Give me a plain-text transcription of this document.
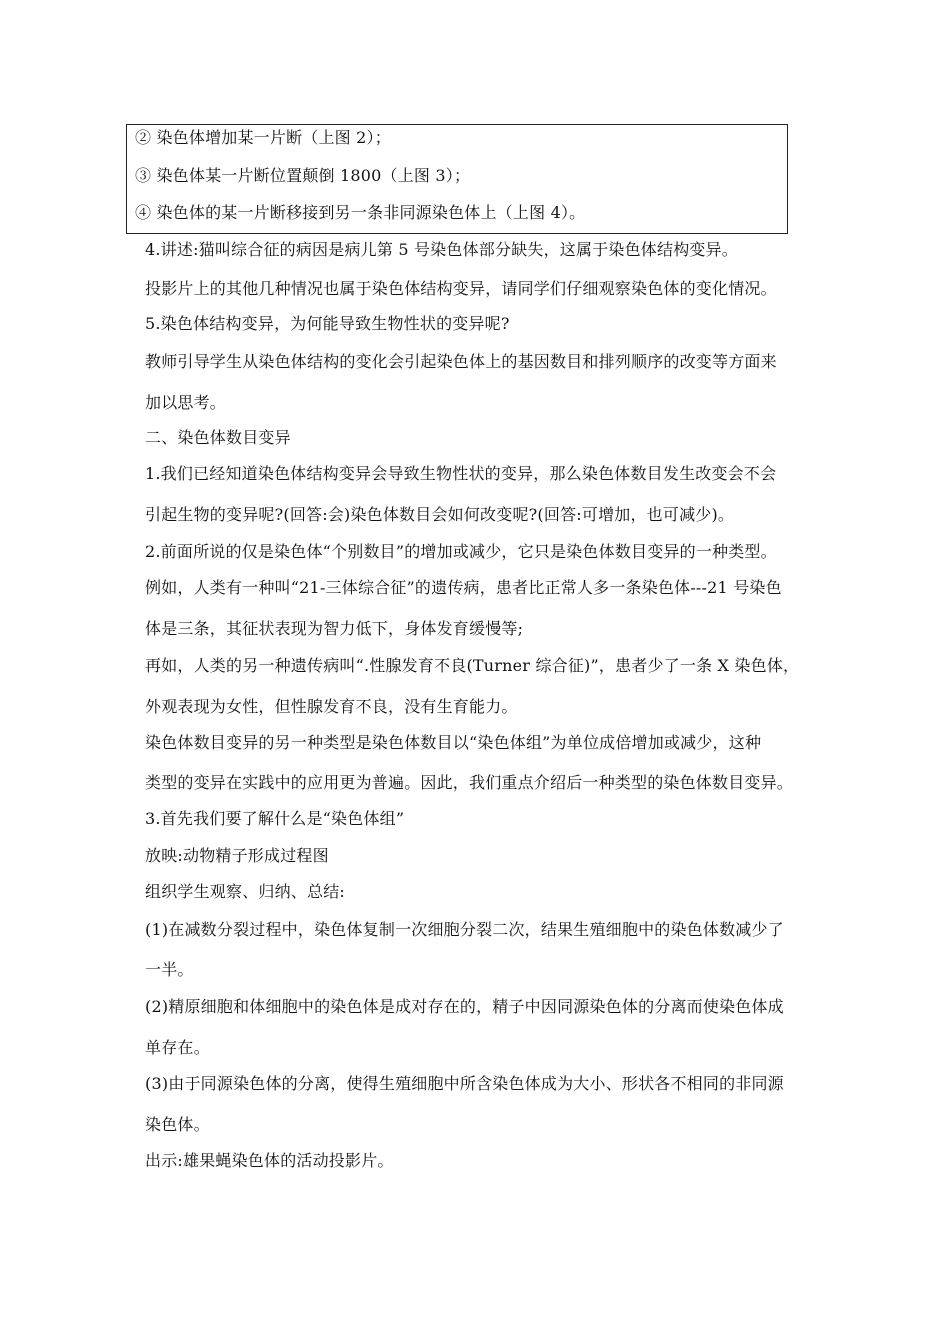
② 染色体增加某一片断（上图 2）；
③ 染色体某一片断位置颠倒 1800（上图 3）；
④ 染色体的某一片断移接到另一条非同源染色体上（上图 4）。
4.讲述:猫叫综合征的病因是病儿第 5 号染色体部分缺失，这属于染色体结构变异。
投影片上的其他几种情况也属于染色体结构变异，请同学们仔细观察染色体的变化情况。
5.染色体结构变异，为何能导致生物性状的变异呢?
教师引导学生从染色体结构的变化会引起染色体上的基因数目和排列顺序的改变等方面来
加以思考。
二、染色体数目变异
1.我们已经知道染色体结构变异会导致生物性状的变异，那么染色体数目发生改变会不会
引起生物的变异呢?(回答:会)染色体数目会如何改变呢?(回答:可增加，也可减少)。
2.前面所说的仅是染色体“个别数目”的增加或减少，它只是染色体数目变异的一种类型。
例如，人类有一种叫“21-三体综合征”的遗传病，患者比正常人多一条染色体---21 号染色
体是三条，其征状表现为智力低下，身体发育缓慢等;
再如，人类的另一种遗传病叫“.性腺发育不良(Turner 综合征)”，患者少了一条 X 染色体，
外观表现为女性，但性腺发育不良，没有生育能力。
染色体数目变异的另一种类型是染色体数目以“染色体组”为单位成倍增加或减少，这种
类型的变异在实践中的应用更为普遍。因此，我们重点介绍后一种类型的染色体数目变异。
3.首先我们要了解什么是“染色体组”
放映:动物精子形成过程图
组织学生观察、归纳、总结:
(1)在减数分裂过程中，染色体复制一次细胞分裂二次，结果生殖细胞中的染色体数减少了
一半。
(2)精原细胞和体细胞中的染色体是成对存在的，精子中因同源染色体的分离而使染色体成
单存在。
(3)由于同源染色体的分离，使得生殖细胞中所含染色体成为大小、形状各不相同的非同源
染色体。
出示:雄果蝇染色体的活动投影片。
